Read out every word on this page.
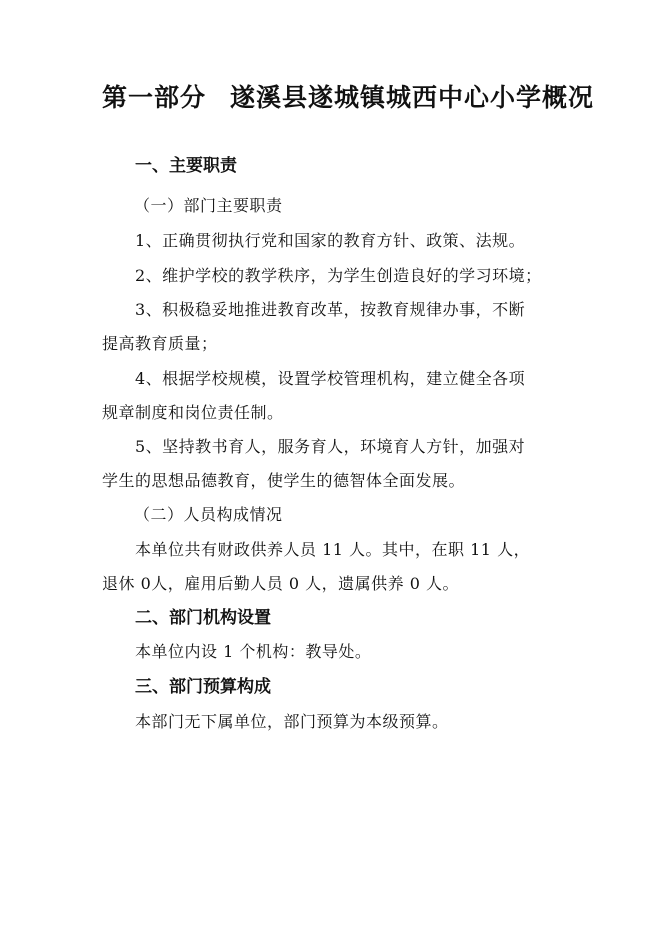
第一部分 遂溪县遂城镇城西中心小学概况

一、主要职责

（一）部门主要职责

1、正确贯彻执行党和国家的教育方针、政策、法规。

2、维护学校的教学秩序，为学生创造良好的学习环境；

3、积极稳妥地推进教育改革，按教育规律办事，不断

提高教育质量；

4、根据学校规模，设置学校管理机构，建立健全各项

规章制度和岗位责任制。

5、坚持教书育人，服务育人，环境育人方针，加强对

学生的思想品德教育，使学生的德智体全面发展。

（二）人员构成情况

本单位共有财政供养人员 11 人。其中，在职 11 人，

退休 0人，雇用后勤人员 0 人，遗属供养 0 人。

二、部门机构设置

本单位内设 1 个机构：教导处。

三、部门预算构成

本部门无下属单位，部门预算为本级预算。
